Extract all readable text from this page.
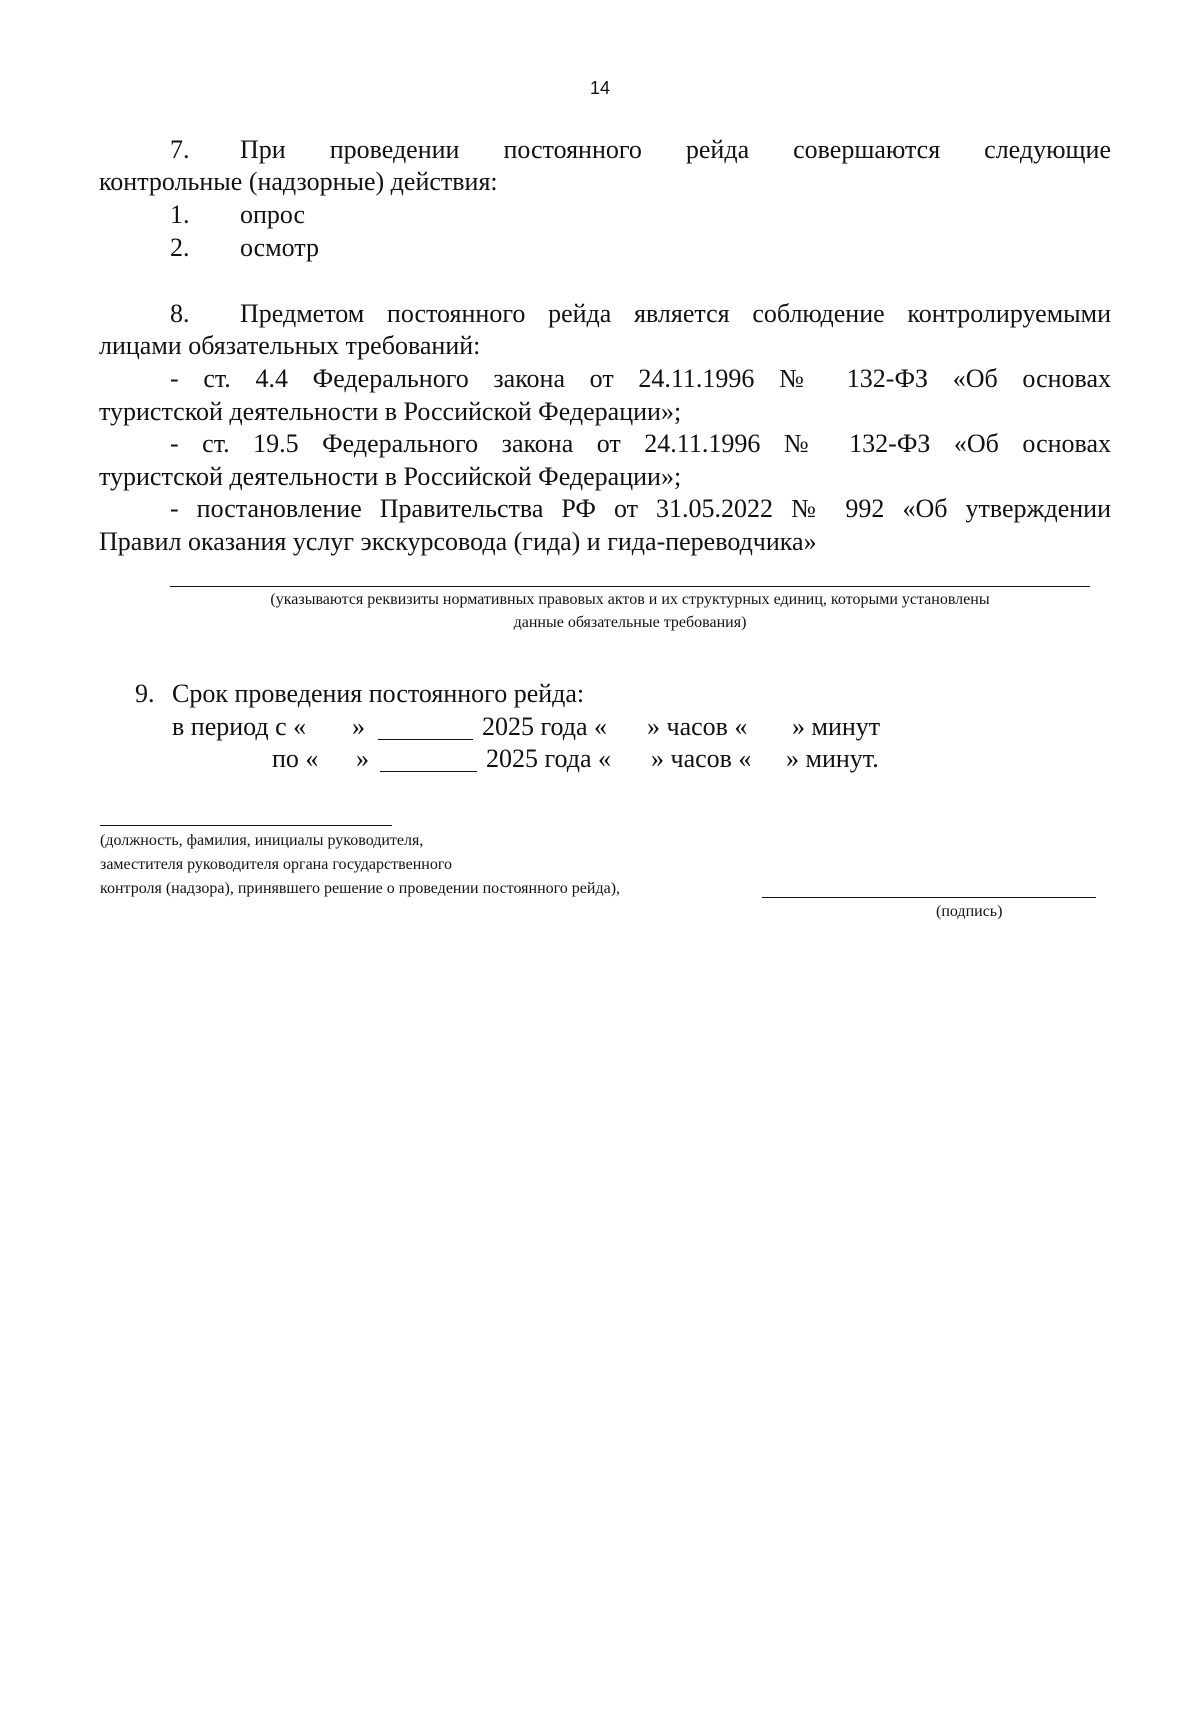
14
7. При проведении постоянного рейда совершаются следующие
контрольные (надзорные) действия:
1. опрос
2. осмотр
8. Предметом постоянного рейда является соблюдение контролируемыми
лицами обязательных требований:
- ст. 4.4 Федерального закона от 24.11.1996 № 132-ФЗ «Об основах
туристской деятельности в Российской Федерации»;
- ст. 19.5 Федерального закона от 24.11.1996 № 132-ФЗ «Об основах
туристской деятельности в Российской Федерации»;
- постановление Правительства РФ от 31.05.2022 № 992 «Об утверждении
Правил оказания услуг экскурсовода (гида) и гида-переводчика»
(указываются реквизиты нормативных правовых актов и их структурных единиц, которыми установлены
данные обязательные требования)
9. Срок проведения постоянного рейда:
в период с « »	2025 года « » часов « » минут
по « »	2025 года « » часов « » минут.
(должность, фамилия, инициалы руководителя,
заместителя руководителя органа государственного
контроля (надзора), принявшего решение о проведении постоянного рейда),
(подпись)
